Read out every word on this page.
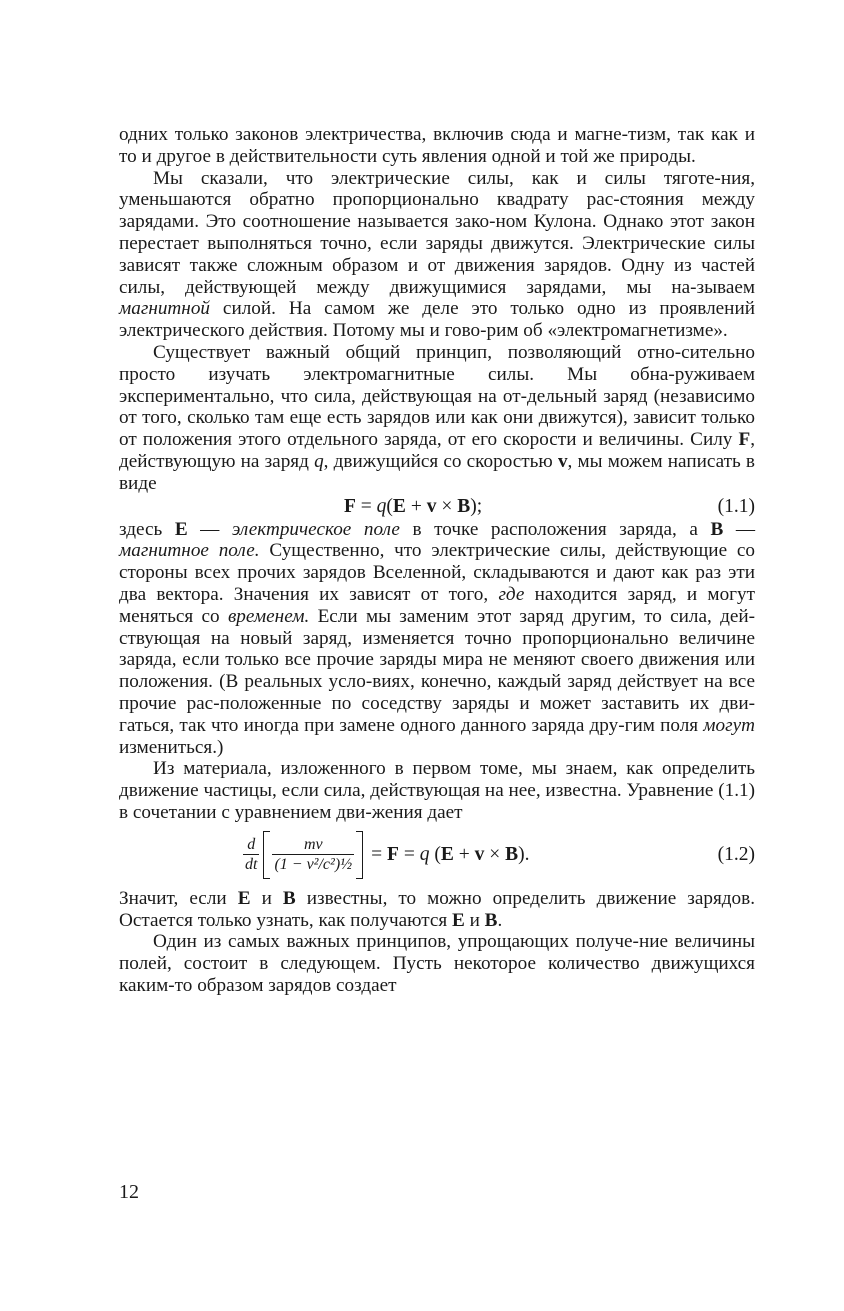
одних только законов электричества, включив сюда и магне-тизм, так как и то и другое в действительности суть явления одной и той же природы.

Мы сказали, что электрические силы, как и силы тяготе-ния, уменьшаются обратно пропорционально квадрату рас-стояния между зарядами. Это соотношение называется зако-ном Кулона. Однако этот закон перестает выполняться точно, если заряды движутся. Электрические силы зависят также сложным образом и от движения зарядов. Одну из частей силы, действующей между движущимися зарядами, мы на-зываем магнитной силой. На самом же деле это только одно из проявлений электрического действия. Потому мы и гово-рим об «электромагнетизме».

Существует важный общий принцип, позволяющий отно-сительно просто изучать электромагнитные силы. Мы обна-руживаем экспериментально, что сила, действующая на от-дельный заряд (независимо от того, сколько там еще есть зарядов или как они движутся), зависит только от положения этого отдельного заряда, от его скорости и величины. Силу F, действующую на заряд q, движущийся со скоростью v, мы можем написать в виде

F = q(E + v × B);	(1.1)

здесь E — электрическое поле в точке расположения заряда, а B — магнитное поле. Существенно, что электрические силы, действующие со стороны всех прочих зарядов Вселенной, складываются и дают как раз эти два вектора. Значения их зависят от того, где находится заряд, и могут меняться со временем. Если мы заменим этот заряд другим, то сила, дей-ствующая на новый заряд, изменяется точно пропорционально величине заряда, если только все прочие заряды мира не меняют своего движения или положения. (В реальных усло-виях, конечно, каждый заряд действует на все прочие рас-положенные по соседству заряды и может заставить их дви-гаться, так что иногда при замене одного данного заряда дру-гим поля могут измениться.)

Из материала, изложенного в первом томе, мы знаем, как определить движение частицы, если сила, действующая на нее, известна. Уравнение (1.1) в сочетании с уравнением дви-жения дает

$\frac{d}{dt} \frac{mv}{\text{(1 − v²/c²)½}} = F = q$ (E + v × B).	(1.2)

Значит, если E и B известны, то можно определить движение зарядов. Остается только узнать, как получаются E и B.

Один из самых важных принципов, упрощающих получе-ние величины полей, состоит в следующем. Пусть некоторое количество движущихся каким-то образом зарядов создает

12
